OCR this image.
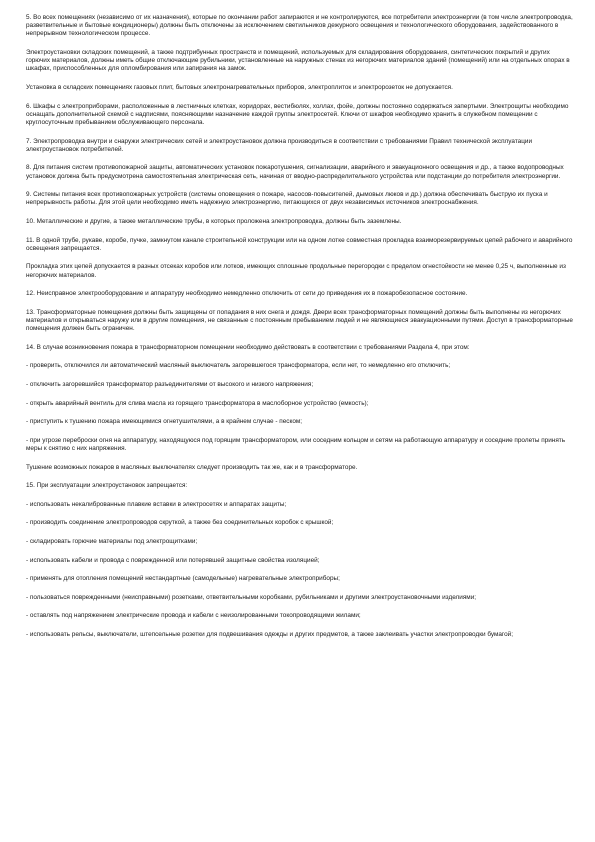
5. Во всех помещениях (независимо от их назначения), которые по окончании работ запираются и не контролируются, все потребители электроэнергии (в том числе электропроводка, разветвительные и бытовые кондиционеры) должны быть отключены за исключением светильников дежурного освещения и технологического оборудования, задействованного в непрерывном технологическом процессе.

Электроустановки складских помещений, а также подтрибунных пространств и помещений, используемых для складирования оборудования, синтетических покрытий и других горючих материалов, должны иметь общие отключающие рубильники, установленные на наружных стенах из негорючих материалов зданий (помещений) или на отдельных опорах в шкафах, приспособленных для опломбирования или запирания на замок.

Установка в складских помещениях газовых плит, бытовых электронагревательных приборов, электроплиток и электророзеток не допускается.

6. Шкафы с электроприборами, расположенные в лестничных клетках, коридорах, вестибюлях, холлах, фойе, должны постоянно содержаться запертыми. Электрощиты необходимо оснащать дополнительной схемой с надписями, поясняющими назначение каждой группы электросетей. Ключи от шкафов необходимо хранить в служебном помещении с круглосуточным пребыванием обслуживающего персонала.

7. Электропроводка внутри и снаружи электрических сетей и электроустановок должна производиться в соответствии с требованиями Правил технической эксплуатации электроустановок потребителей.

8. Для питания систем противопожарной защиты, автоматических установок пожаротушения, сигнализации, аварийного и эвакуационного освещения и др., а также водопроводных установок должна быть предусмотрена самостоятельная электрическая сеть, начиная от вводно-распределительного устройства или подстанции до потребителя электроэнергии.

9. Системы питания всех противопожарных устройств (системы оповещения о пожаре, насосов-повысителей, дымовых люков и др.) должна обеспечивать быструю их пуска и непрерывность работы. Для этой цели необходимо иметь надежную электроэнергию, питающихся от двух независимых источников электроснабжения.

10. Металлические и другие, а также металлические трубы, в которых проложена электропроводка, должны быть заземлены.

11. В одной трубе, рукаве, коробе, пучке, замкнутом канале строительной конструкции или на одном лотке совместная прокладка взаиморезервируемых цепей рабочего и аварийного освещения запрещается.

Прокладка этих цепей допускается в разных отсеках коробов или лотков, имеющих сплошные продольные перегородки с пределом огнестойкости не менее 0,25 ч, выполненные из негорючих материалов.

12. Неисправное электрооборудование и аппаратуру необходимо немедленно отключить от сети до приведения их в пожаробезопасное состояние.

13. Трансформаторные помещения должны быть защищены от попадания в них снега и дождя. Двери всех трансформаторных помещений должны быть выполнены из негорючих материалов и открываться наружу или в другие помещения, не связанные с постоянным пребыванием людей и не являющиеся эвакуационными путями. Доступ в трансформаторные помещения должен быть ограничен.

14. В случае возникновения пожара в трансформаторном помещении необходимо действовать в соответствии с требованиями Раздела 4, при этом:

- проверить, отключился ли автоматический масляный выключатель загоревшегося трансформатора, если нет, то немедленно его отключить;

- отключить загоревшийся трансформатор разъединителями от высокого и низкого напряжения;

- открыть аварийный вентиль для слива масла из горящего трансформатора в маслоборное устройство (емкость);

- приступить к тушению пожара имеющимися огнетушителями, а в крайнем случае - песком;

- при угрозе переброски огня на аппаратуру, находящуюся под горящим трансформатором, или соседним кольцом и сетям на работающую аппаратуру и соседние пролеты принять меры к снятию с них напряжения.

Тушение возможных пожаров в масляных выключателях следует производить так же, как и в трансформаторе.

15. При эксплуатации электроустановок запрещается:

- использовать некалиброванные плавкие вставки в электросетях и аппаратах защиты;

- производить соединение электропроводов скруткой, а также без соединительных коробок с крышкой;

- складировать горючие материалы под электрощитками;

- использовать кабели и провода с поврежденной или потерявшей защитные свойства изоляцией;

- применять для отопления помещений нестандартные (самодельные) нагревательные электроприборы;

- пользоваться поврежденными (неисправными) розетками, ответвительными коробками, рубильниками и другими электроустановочными изделиями;

- оставлять под напряжением электрические провода и кабели с неизолированными токопроводящими жилами;

- использовать рельсы, выключатели, штепсельные розетки для подвешивания одежды и других предметов, а также заклеивать участки электропроводки бумагой;
